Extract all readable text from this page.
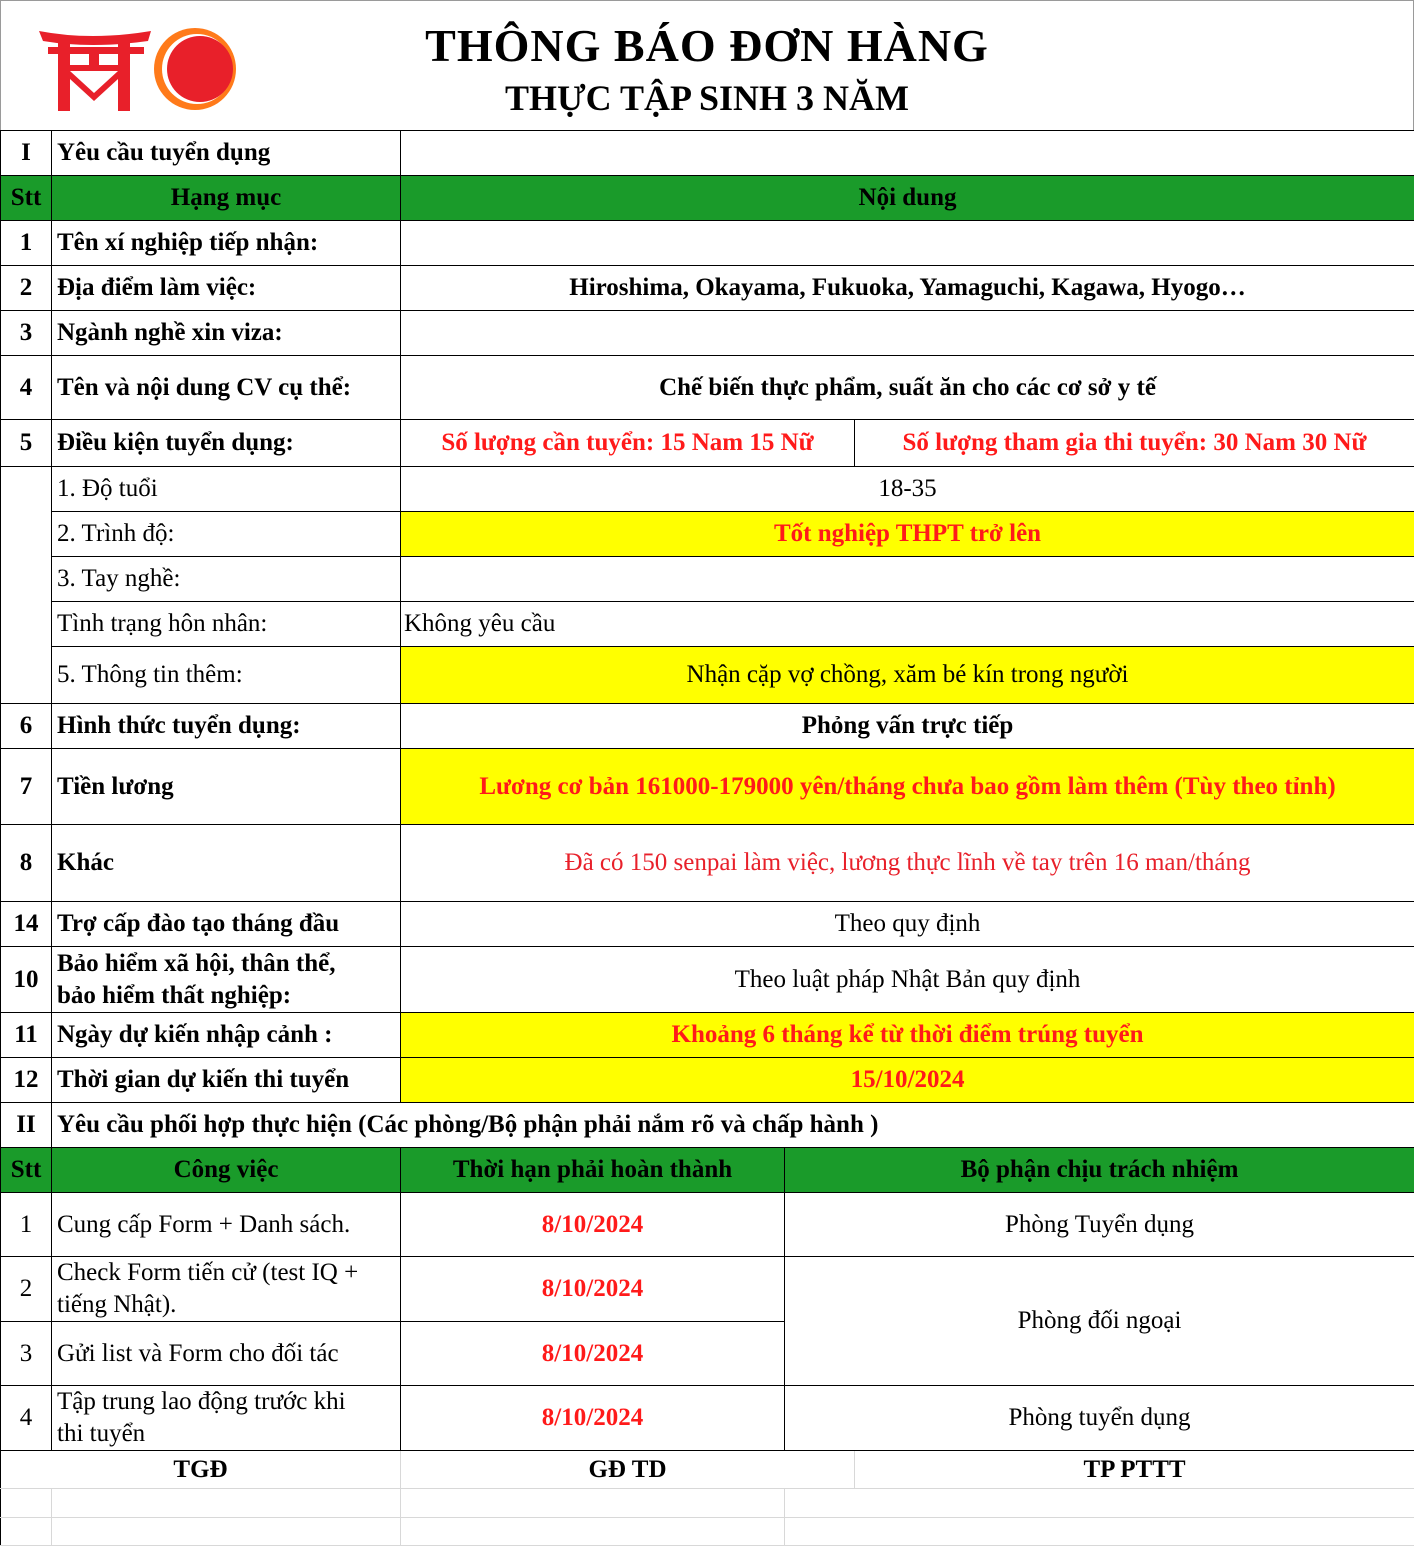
THÔNG BÁO ĐƠN HÀNG
THỰC TẬP SINH 3 NĂM
I	Yêu cầu tuyển dụng			
Stt	Hạng mục	Nội dung		
1	Tên xí nghiệp tiếp nhận:			
2	Địa điểm làm việc:	Hiroshima, Okayama, Fukuoka, Yamaguchi, Kagawa, Hyogo…		
3	Ngành nghề xin viza:			
4	Tên và nội dung CV cụ thể:	Chế biến thực phẩm, suất ăn cho các cơ sở y tế		
5	Điều kiện tuyển dụng:	Số lượng cần tuyển: 15 Nam 15 Nữ		Số lượng tham gia thi tuyển: 30 Nam 30 Nữ
	1. Độ tuổi	18-35		
	2. Trình độ:	Tốt nghiệp THPT trở lên		
	3. Tay nghề:			
	Tình trạng hôn nhân:	Không yêu cầu		
	5. Thông tin thêm:	Nhận cặp vợ chồng, xăm bé kín trong người		
6	Hình thức tuyển dụng:	Phỏng vấn trực tiếp		
7	Tiền lương	Lương cơ bản 161000-179000 yên/tháng chưa bao gồm làm thêm (Tùy theo tỉnh)		
8	Khác	Đã có 150 senpai làm việc, lương thực lĩnh về tay trên 16 man/tháng		
14	Trợ cấp đào tạo tháng đầu	Theo quy định		
10	Bảo hiểm xã hội, thân thể,
bảo hiểm thất nghiệp:	Theo luật pháp Nhật Bản quy định		
11	Ngày dự kiến nhập cảnh :	Khoảng 6 tháng kể từ thời điểm trúng tuyển		
12	Thời gian dự kiến thi tuyển	15/10/2024		
II	Yêu cầu phối hợp thực hiện (Các phòng/Bộ phận phải nắm rõ và chấp hành )			
Stt	Công việc	Thời hạn phải hoàn thành	Bộ phận chịu trách nhiệm	
1	Cung cấp Form + Danh sách.	8/10/2024	Phòng Tuyển dụng	
2	Check Form tiến cử (test IQ +
tiếng Nhật).	8/10/2024	Phòng đối ngoại	
3	Gửi list và Form cho đối tác	8/10/2024		
4	Tập trung lao động trước khi
thi tuyển	8/10/2024	Phòng tuyển dụng	
TGĐ		GĐ TD		TP PTTT
